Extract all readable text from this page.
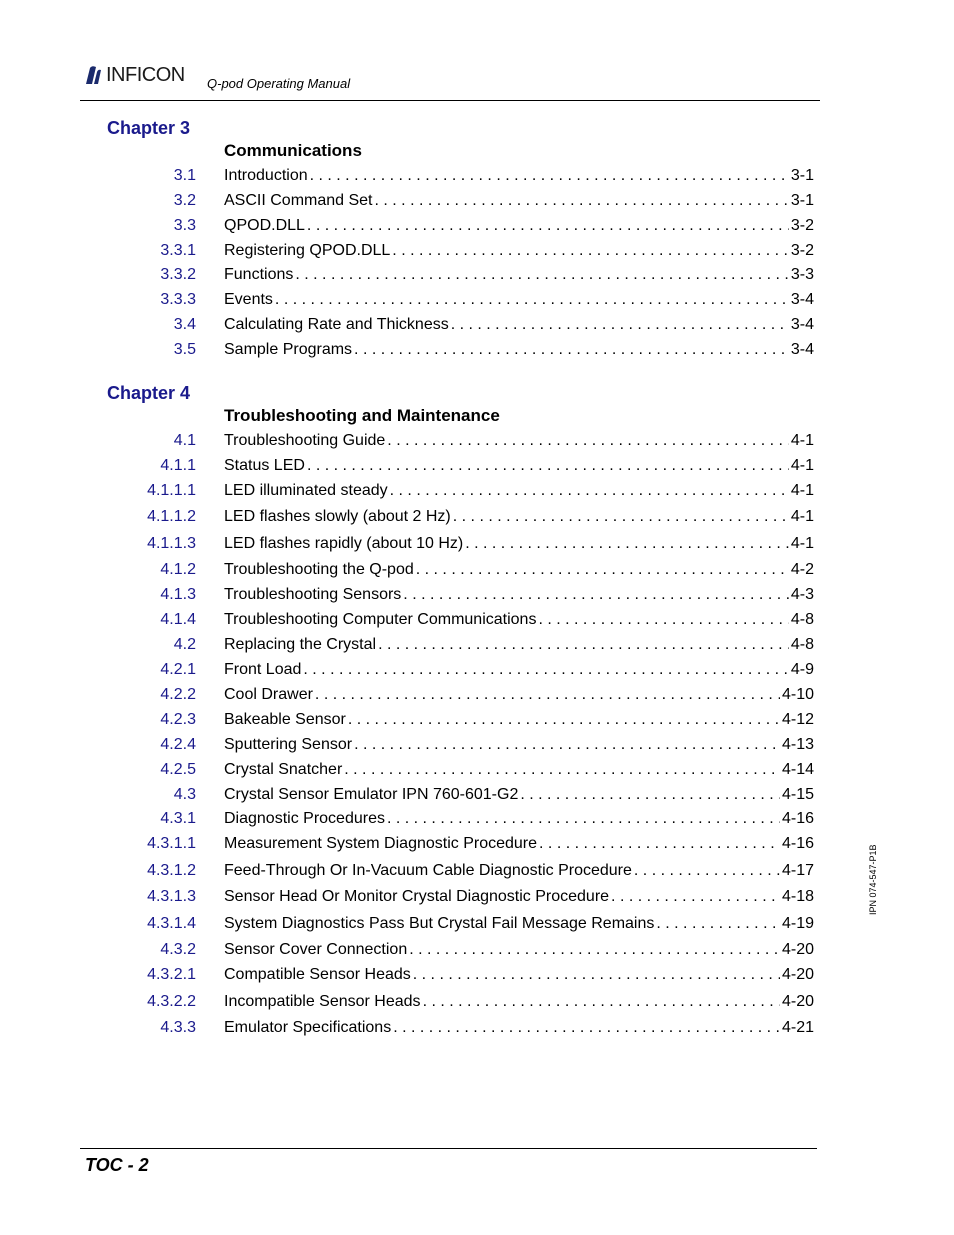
INFICON Q-pod Operating Manual
Chapter 3
Communications
3.1 Introduction . . .	3-1
3.2 ASCII Command Set . . .	3-1
3.3 QPOD.DLL . . .	3-2
3.3.1 Registering QPOD.DLL . . .	3-2
3.3.2 Functions . . .	3-3
3.3.3 Events . . .	3-4
3.4 Calculating Rate and Thickness . . .	3-4
3.5 Sample Programs . . .	3-4
Chapter 4
Troubleshooting and Maintenance
4.1 Troubleshooting Guide . . .	4-1
4.1.1 Status LED . . .	4-1
4.1.1.1 LED illuminated steady . . .	4-1
4.1.1.2 LED flashes slowly (about 2 Hz) . . .	4-1
4.1.1.3 LED flashes rapidly (about 10 Hz) . . .	4-1
4.1.2 Troubleshooting the Q-pod . . .	4-2
4.1.3 Troubleshooting Sensors . . .	4-3
4.1.4 Troubleshooting Computer Communications . . .	4-8
4.2 Replacing the Crystal . . .	4-8
4.2.1 Front Load . . .	4-9
4.2.2 Cool Drawer . . .	4-10
4.2.3 Bakeable Sensor . . .	4-12
4.2.4 Sputtering Sensor . . .	4-13
4.2.5 Crystal Snatcher . . .	4-14
4.3 Crystal Sensor Emulator IPN 760-601-G2 . . .	4-15
4.3.1 Diagnostic Procedures . . .	4-16
4.3.1.1 Measurement System Diagnostic Procedure . . .	4-16
4.3.1.2 Feed-Through Or In-Vacuum Cable Diagnostic Procedure . . .	4-17
4.3.1.3 Sensor Head Or Monitor Crystal Diagnostic Procedure . . .	4-18
4.3.1.4 System Diagnostics Pass But Crystal Fail Message Remains . . .	4-19
4.3.2 Sensor Cover Connection . . .	4-20
4.3.2.1 Compatible Sensor Heads . . .	4-20
4.3.2.2 Incompatible Sensor Heads . . .	4-20
4.3.3 Emulator Specifications . . .	4-21
IPN 074-547-P1B
TOC - 2
